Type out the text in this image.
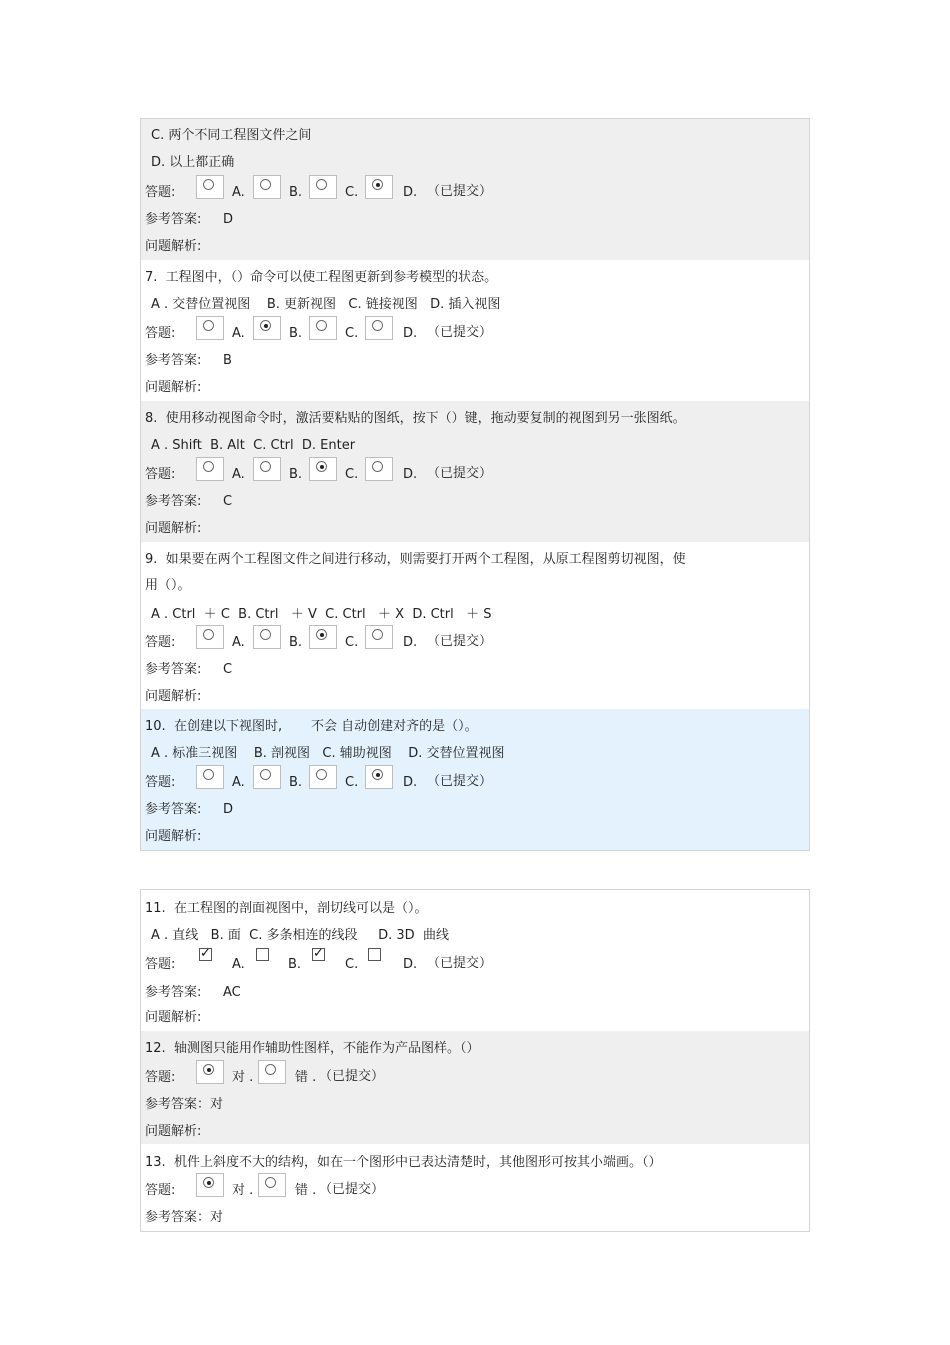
C. 两个不同工程图文件之间
D. 以上都正确
答题:	A.	B.	C.	D. （已提交）
参考答案: D
问题解析:
7.  工程图中，（）命令可以使工程图更新到参考模型的状态。
A . 交替位置视图    B. 更新视图   C. 链接视图   D. 插入视图
答题:	A.	B.	C.	D. （已提交）
参考答案: B
问题解析:
8.  使用移动视图命令时，激活要粘贴的图纸，按下（）键，拖动要复制的视图到另一张图纸。
A . Shift  B. Alt  C. Ctrl  D. Enter
答题:	A.	B.	C.	D. （已提交）
参考答案: C
问题解析:
9.  如果要在两个工程图文件之间进行移动，则需要打开两个工程图，从原工程图剪切视图，使
用（）。
A . Ctrl  ＋ C  B. Ctrl   ＋ V  C. Ctrl   ＋ X  D. Ctrl   ＋ S
答题:	A.	B.	C.	D. （已提交）
参考答案: C
问题解析:
10.  在创建以下视图时,       不会 自动创建对齐的是（）。
A . 标准三视图    B. 剖视图   C. 辅助视图    D. 交替位置视图
答题:	A.	B.	C.	D. （已提交）
参考答案: D
问题解析:
11.  在工程图的剖面视图中，剖切线可以是（）。
A . 直线   B. 面  C. 多条相连的线段     D. 3D  曲线
答题:
✓
A.	B.
✓
C.	D. （已提交）
参考答案: AC
问题解析:
12.  轴测图只能用作辅助性图样，不能作为产品图样。（）
答题:	对 .	错 . （已提交）
参考答案：对
问题解析:
13.  机件上斜度不大的结构，如在一个图形中已表达清楚时，其他图形可按其小端画。（）
答题:	对 .	错 . （已提交）
参考答案：对
